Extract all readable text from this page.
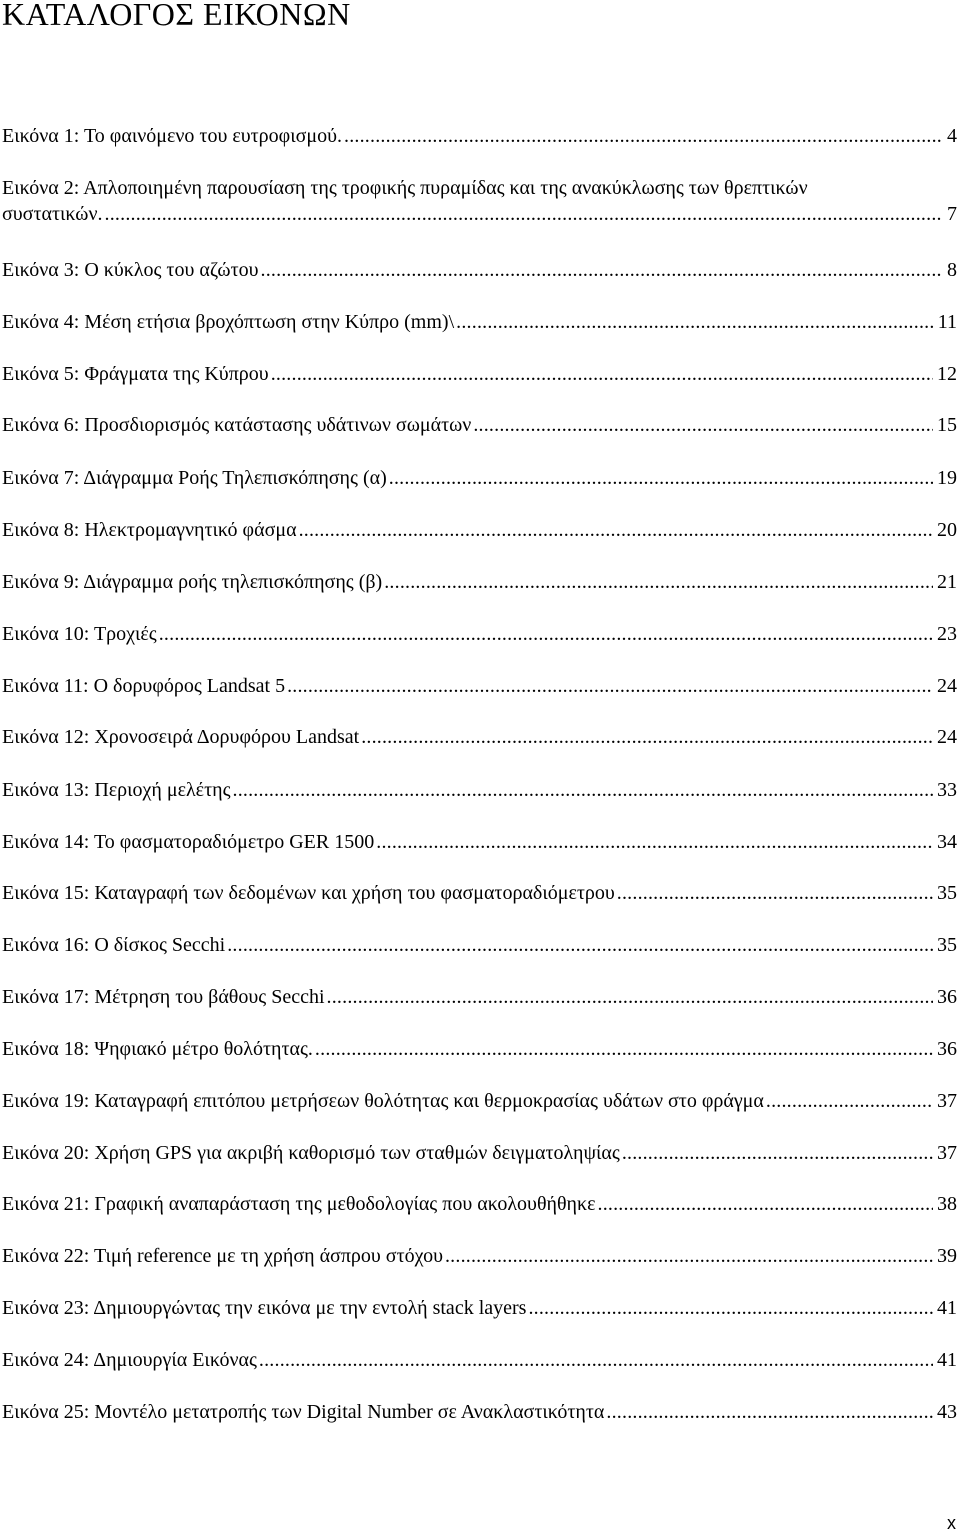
ΚΑΤΑΛΟΓΟΣ ΕΙΚΟΝΩΝ
Εικόνα 1: Το φαινόμενο του ευτροφισμού. .....	4
Εικόνα 2: Απλοποιημένη παρουσίαση της τροφικής πυραμίδας και της ανακύκλωσης των θρεπτικών
συστατικών. .....	7
Εικόνα 3: Ο κύκλος του αζώτου .....	8
Εικόνα 4: Μέση ετήσια βροχόπτωση στην Κύπρο (mm)\ .....	11
Εικόνα 5: Φράγματα της Κύπρου .....	12
Εικόνα 6: Προσδιορισμός κατάστασης υδάτινων σωμάτων .....	15
Εικόνα 7: Διάγραμμα Ροής Τηλεπισκόπησης (α) .....	19
Εικόνα 8: Ηλεκτρομαγνητικό φάσμα .....	20
Εικόνα 9: Διάγραμμα ροής τηλεπισκόπησης (β) .....	21
Εικόνα 10: Τροχιές .....	23
Εικόνα 11: Ο δορυφόρος Landsat 5 .....	24
Εικόνα 12: Χρονοσειρά Δορυφόρου Landsat .....	24
Εικόνα 13: Περιοχή μελέτης .....	33
Εικόνα 14: Το φασματοραδιόμετρο GER 1500 .....	34
Εικόνα 15: Καταγραφή των δεδομένων και χρήση του φασματοραδιόμετρου .....	35
Εικόνα 16: Ο δίσκος Secchi .....	35
Εικόνα 17: Μέτρηση του βάθους Secchi .....	36
Εικόνα 18: Ψηφιακό μέτρο θολότητας. .....	36
Εικόνα 19: Καταγραφή επιτόπου μετρήσεων θολότητας και θερμοκρασίας υδάτων στο φράγμα .....	37
Εικόνα 20: Χρήση GPS για ακριβή καθορισμό των σταθμών δειγματοληψίας .....	37
Εικόνα 21: Γραφική αναπαράσταση της μεθοδολογίας που ακολουθήθηκε .....	38
Εικόνα 22: Τιμή reference με τη χρήση άσπρου στόχου .....	39
Εικόνα 23: Δημιουργώντας την εικόνα με την εντολή stack layers .....	41
Εικόνα 24: Δημιουργία Εικόνας .....	41
Εικόνα 25: Μοντέλο μετατροπής των Digital Number σε Ανακλαστικότητα .....	43
x
